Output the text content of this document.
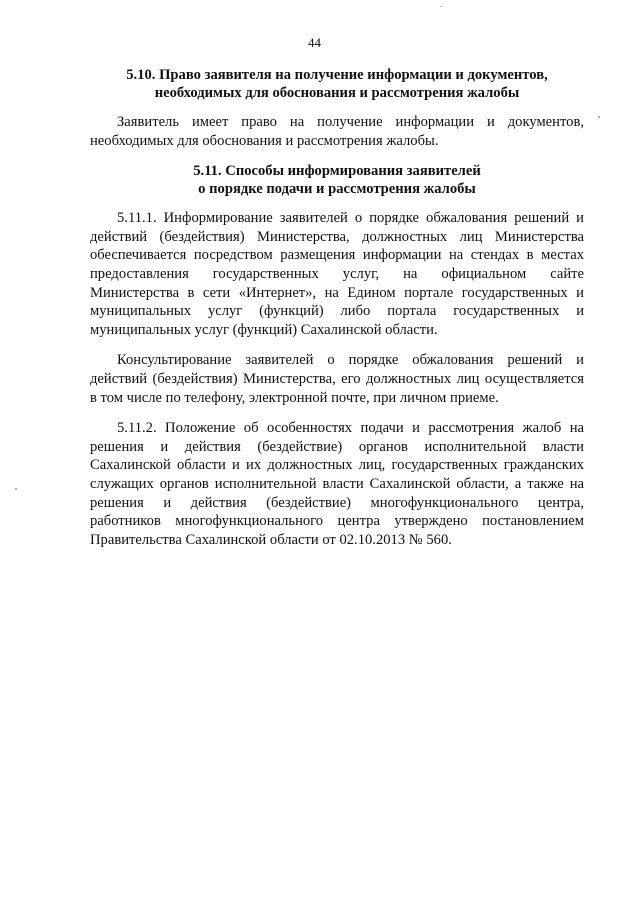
44
5.10. Право заявителя на получение информации и документов,
необходимых для обоснования и рассмотрения жалобы

Заявитель имеет право на получение информации и документов,
необходимых для обоснования и рассмотрения жалобы.

5.11. Способы информирования заявителей
о порядке подачи и рассмотрения жалобы

5.11.1. Информирование заявителей о порядке обжалования решений и
действий (бездействия) Министерства, должностных лиц Министерства
обеспечивается посредством размещения информации на стендах в местах
предоставления государственных услуг, на официальном сайте
Министерства в сети «Интернет», на Едином портале государственных и
муниципальных услуг (функций) либо портала государственных и
муниципальных услуг (функций) Сахалинской области.

Консультирование заявителей о порядке обжалования решений и
действий (бездействия) Министерства, его должностных лиц осуществляется
в том числе по телефону, электронной почте, при личном приеме.

5.11.2. Положение об особенностях подачи и рассмотрения жалоб на
решения и действия (бездействие) органов исполнительной власти
Сахалинской области и их должностных лиц, государственных гражданских
служащих органов исполнительной власти Сахалинской области, а также на
решения и действия (бездействие) многофункционального центра,
работников многофункционального центра утверждено постановлением
Правительства Сахалинской области от 02.10.2013 № 560.
